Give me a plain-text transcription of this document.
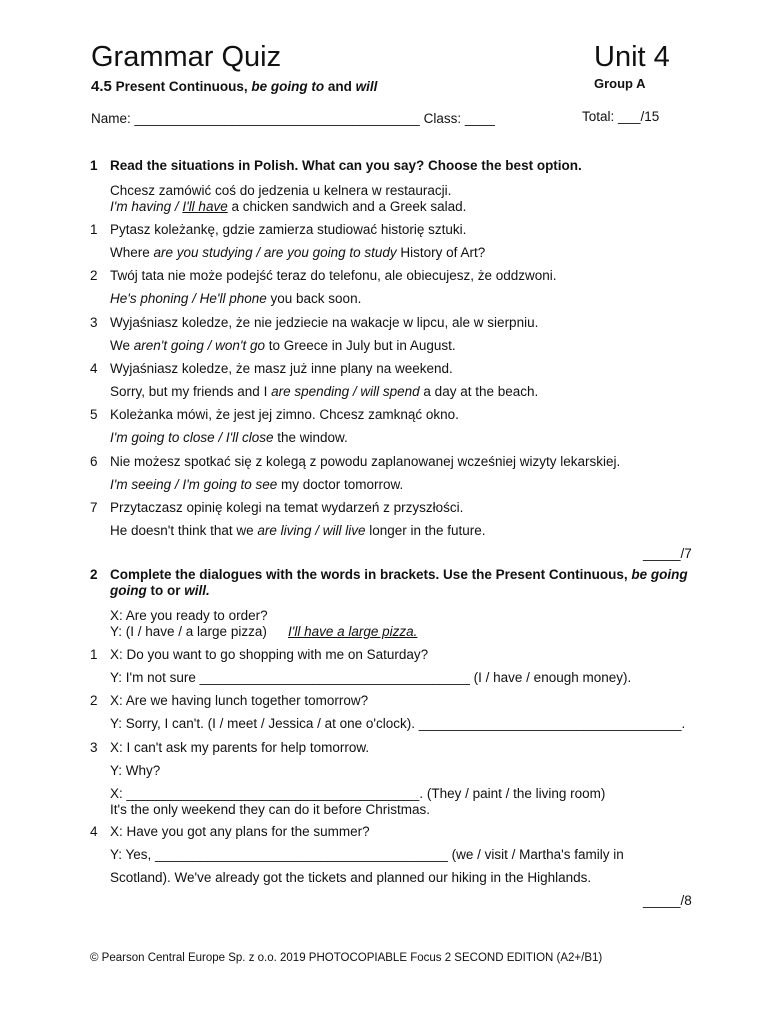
Grammar Quiz	Unit 4
4.5 Present Continuous, be going to and will	Group A
Name: ______________________________________ Class: ____	Total: ___/15
1 Read the situations in Polish. What can you say? Choose the best option.
Chcesz zamówić coś do jedzenia u kelnera w restauracji.
I'm having / I'll have a chicken sandwich and a Greek salad.
1 Pytasz koleżankę, gdzie zamierza studiować historię sztuki.
Where are you studying / are you going to study History of Art?
2 Twój tata nie może podejść teraz do telefonu, ale obiecujesz, że oddzwoni.
He's phoning / He'll phone you back soon.
3 Wyjaśniasz koledze, że nie jedziecie na wakacje w lipcu, ale w sierpniu.
We aren't going / won't go to Greece in July but in August.
4 Wyjaśniasz koledze, że masz już inne plany na weekend.
Sorry, but my friends and I are spending / will spend a day at the beach.
5 Koleżanka mówi, że jest jej zimno. Chcesz zamknąć okno.
I'm going to close / I'll close the window.
6 Nie możesz spotkać się z kolegą z powodu zaplanowanej wcześniej wizyty lekarskiej.
I'm seeing / I'm going to see my doctor tomorrow.
7 Przytaczasz opinię kolegi na temat wydarzeń z przyszłości.
He doesn't think that we are living / will live longer in the future.
_____/7
2 Complete the dialogues with the words in brackets. Use the Present Continuous, be going
going to or will.
X: Are you ready to order?
Y: (I / have / a large pizza) I'll have a large pizza.
1 X: Do you want to go shopping with me on Saturday?
Y: I'm not sure ____________________________________ (I / have / enough money).
2 X: Are we having lunch together tomorrow?
Y: Sorry, I can't. (I / meet / Jessica / at one o'clock). ___________________________________.
3 X: I can't ask my parents for help tomorrow.
Y: Why?
X: _______________________________________. (They / paint / the living room)
It's the only weekend they can do it before Christmas.
4 X: Have you got any plans for the summer?
Y: Yes, _______________________________________ (we / visit / Martha's family in
Scotland). We've already got the tickets and planned our hiking in the Highlands.
_____/8
© Pearson Central Europe Sp. z o.o. 2019 PHOTOCOPIABLE Focus 2 SECOND EDITION (A2+/B1)
